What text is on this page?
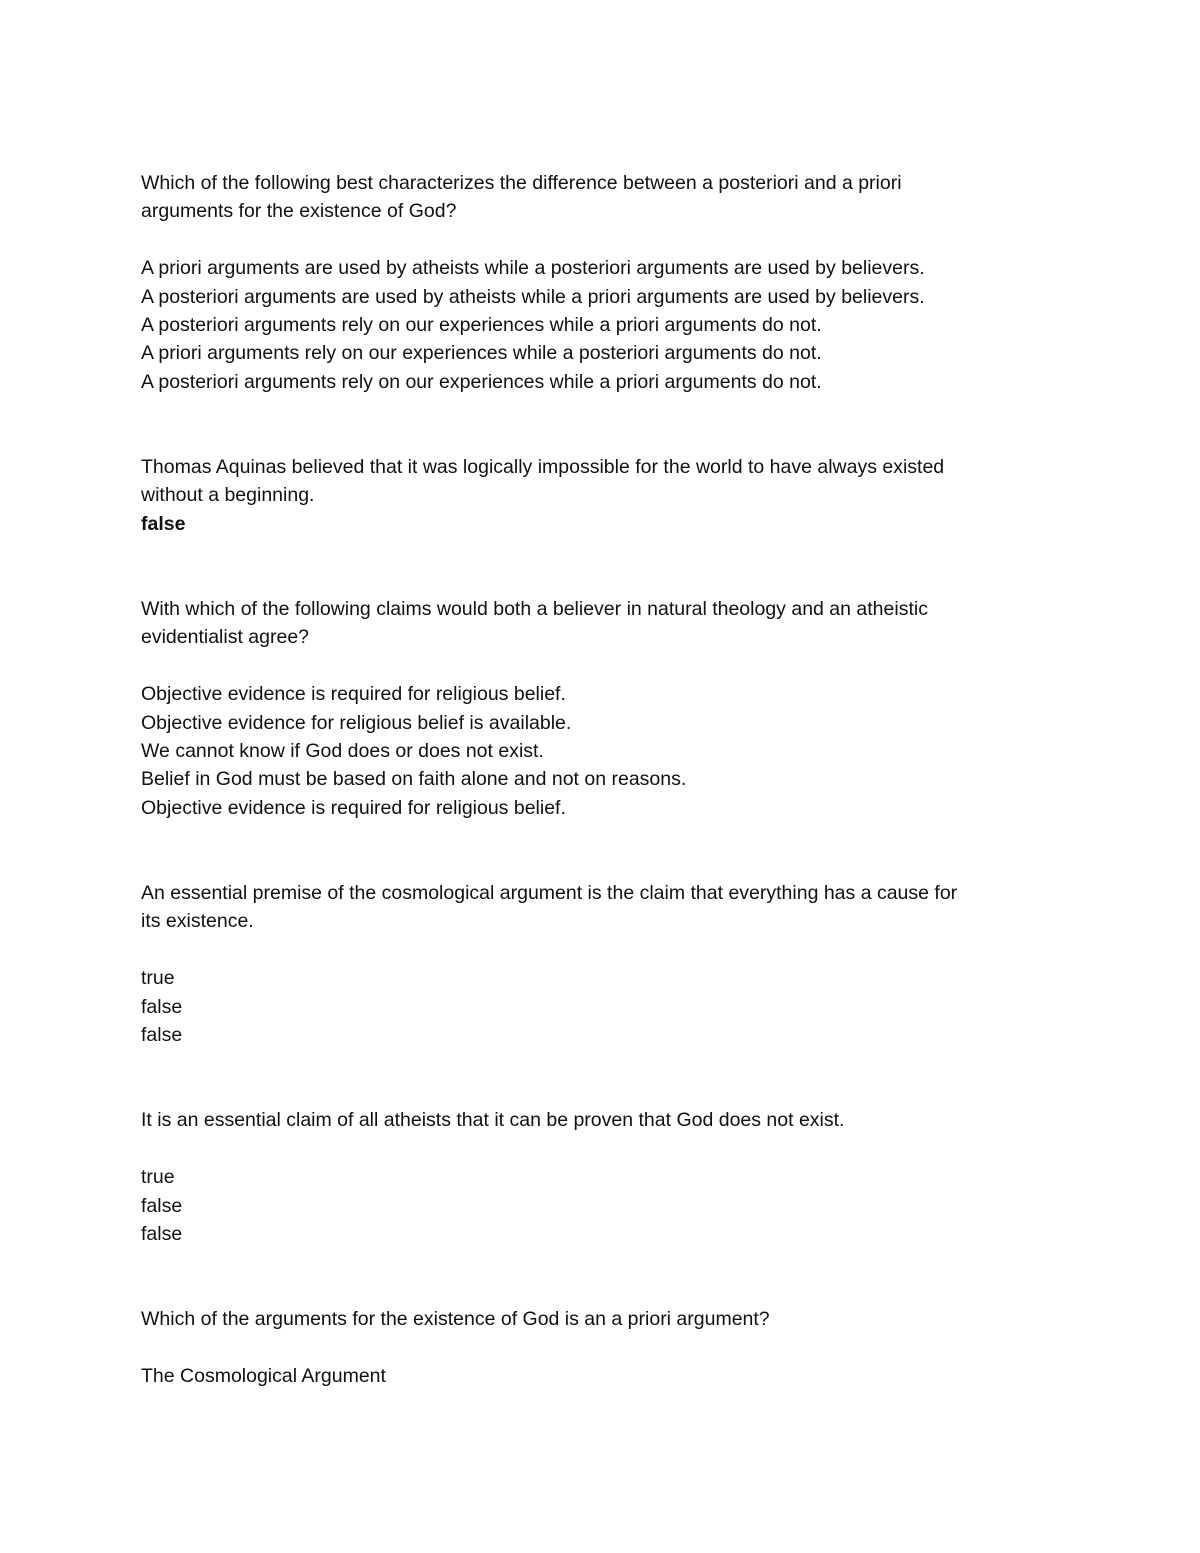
Which of the following best characterizes the difference between a posteriori and a priori
arguments for the existence of God?
A priori arguments are used by atheists while a posteriori arguments are used by believers.
A posteriori arguments are used by atheists while a priori arguments are used by believers.
A posteriori arguments rely on our experiences while a priori arguments do not.
A priori arguments rely on our experiences while a posteriori arguments do not.
A posteriori arguments rely on our experiences while a priori arguments do not.
Thomas Aquinas believed that it was logically impossible for the world to have always existed
without a beginning.
false
With which of the following claims would both a believer in natural theology and an atheistic
evidentialist agree?
Objective evidence is required for religious belief.
Objective evidence for religious belief is available.
We cannot know if God does or does not exist.
Belief in God must be based on faith alone and not on reasons.
Objective evidence is required for religious belief.
An essential premise of the cosmological argument is the claim that everything has a cause for
its existence.
true
false
false
It is an essential claim of all atheists that it can be proven that God does not exist.
true
false
false
Which of the arguments for the existence of God is an a priori argument?
The Cosmological Argument
